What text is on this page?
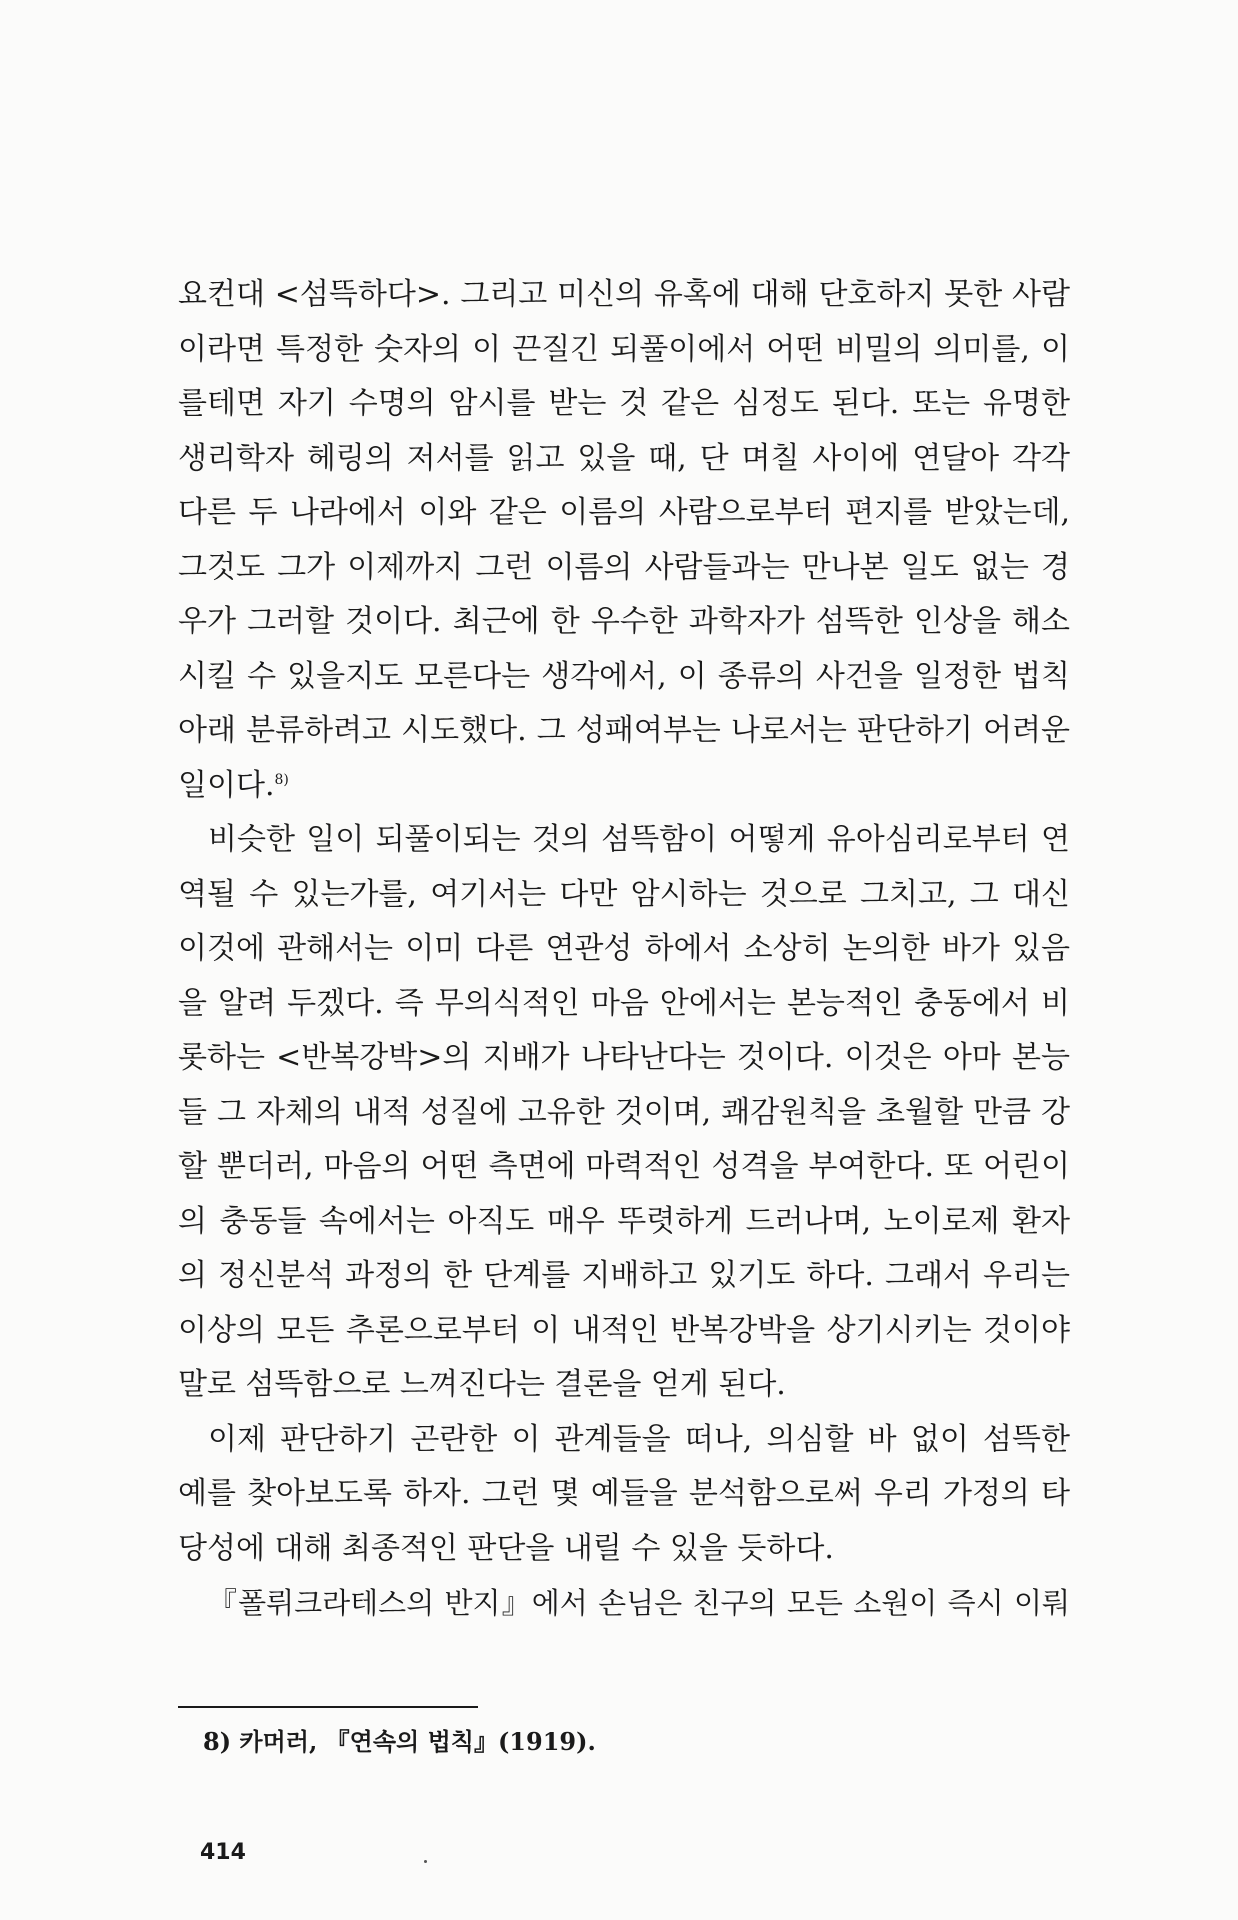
요컨대 <섬뜩하다>. 그리고 미신의 유혹에 대해 단호하지 못한 사람
이라면 특정한 숫자의 이 끈질긴 되풀이에서 어떤 비밀의 의미를, 이
를테면 자기 수명의 암시를 받는 것 같은 심정도 된다. 또는 유명한
생리학자 헤링의 저서를 읽고 있을 때, 단 며칠 사이에 연달아 각각
다른 두 나라에서 이와 같은 이름의 사람으로부터 편지를 받았는데,
그것도 그가 이제까지 그런 이름의 사람들과는 만나본 일도 없는 경
우가 그러할 것이다. 최근에 한 우수한 과학자가 섬뜩한 인상을 해소
시킬 수 있을지도 모른다는 생각에서, 이 종류의 사건을 일정한 법칙
아래 분류하려고 시도했다. 그 성패여부는 나로서는 판단하기 어려운
일이다.$^{8)}$
비슷한 일이 되풀이되는 것의 섬뜩함이 어떻게 유아심리로부터 연
역될 수 있는가를, 여기서는 다만 암시하는 것으로 그치고, 그 대신
이것에 관해서는 이미 다른 연관성 하에서 소상히 논의한 바가 있음
을 알려 두겠다. 즉 무의식적인 마음 안에서는 본능적인 충동에서 비
롯하는 <반복강박>의 지배가 나타난다는 것이다. 이것은 아마 본능
들 그 자체의 내적 성질에 고유한 것이며, 쾌감원칙을 초월할 만큼 강
할 뿐더러, 마음의 어떤 측면에 마력적인 성격을 부여한다. 또 어린이
의 충동들 속에서는 아직도 매우 뚜렷하게 드러나며, 노이로제 환자
의 정신분석 과정의 한 단계를 지배하고 있기도 하다. 그래서 우리는
이상의 모든 추론으로부터 이 내적인 반복강박을 상기시키는 것이야
말로 섬뜩함으로 느껴진다는 결론을 얻게 된다.
이제 판단하기 곤란한 이 관계들을 떠나, 의심할 바 없이 섬뜩한
예를 찾아보도록 하자. 그런 몇 예들을 분석함으로써 우리 가정의 타
당성에 대해 최종적인 판단을 내릴 수 있을 듯하다.
『폴뤼크라테스의 반지』에서 손님은 친구의 모든 소원이 즉시 이뤄
8) 카머러, 『연속의 법칙』(1919).
414
